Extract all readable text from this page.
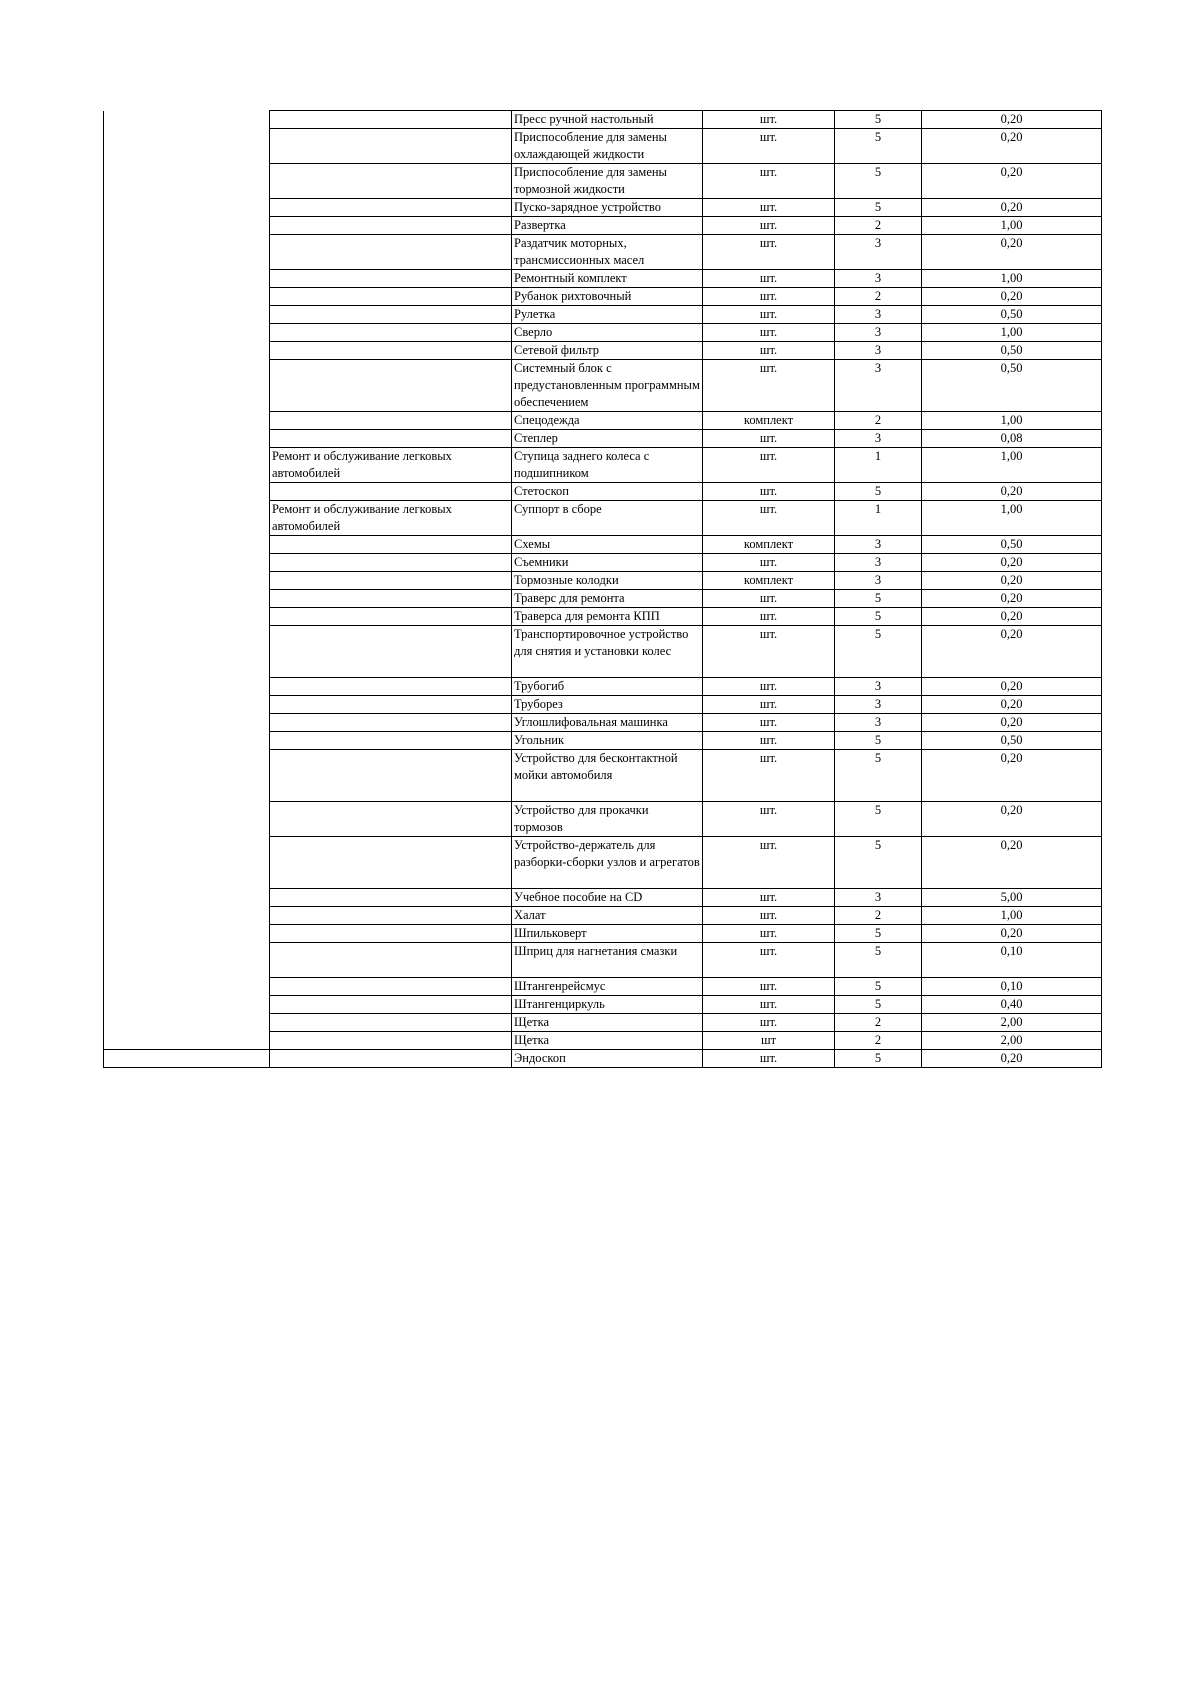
		Пресс ручной настольный	шт.	5	0,20
		Приспособление для замены охлаждающей жидкости	шт.	5	0,20
		Приспособление для замены тормозной жидкости	шт.	5	0,20
		Пуско-зарядное устройство	шт.	5	0,20
		Развертка	шт.	2	1,00
		Раздатчик моторных, трансмиссионных масел	шт.	3	0,20
		Ремонтный комплект	шт.	3	1,00
		Рубанок рихтовочный	шт.	2	0,20
		Рулетка	шт.	3	0,50
		Сверло	шт.	3	1,00
		Сетевой фильтр	шт.	3	0,50
		Системный блок с предустановленным программным обеспечением	шт.	3	0,50
		Спецодежда	комплект	2	1,00
		Степлер	шт.	3	0,08
	Ремонт и обслуживание легковых автомобилей	Ступица заднего колеса с подшипником	шт.	1	1,00
		Стетоскоп	шт.	5	0,20
	Ремонт и обслуживание легковых автомобилей	Суппорт в сборе	шт.	1	1,00
		Схемы	комплект	3	0,50
		Съемники	шт.	3	0,20
		Тормозные колодки	комплект	3	0,20
		Траверс для ремонта	шт.	5	0,20
		Траверса для ремонта КПП	шт.	5	0,20
		Транспортировочное устройство для снятия и установки колес	шт.	5	0,20
		Трубогиб	шт.	3	0,20
		Труборез	шт.	3	0,20
		Углошлифовальная машинка	шт.	3	0,20
		Угольник	шт.	5	0,50
		Устройство для бесконтактной мойки автомобиля	шт.	5	0,20
		Устройство для прокачки тормозов	шт.	5	0,20
		Устройство-держатель для разборки-сборки узлов и агрегатов	шт.	5	0,20
		Учебное пособие на CD	шт.	3	5,00
		Халат	шт.	2	1,00
		Шпильковерт	шт.	5	0,20
		Шприц для нагнетания смазки	шт.	5	0,10
		Штангенрейсмус	шт.	5	0,10
		Штангенциркуль	шт.	5	0,40
		Щетка	шт.	2	2,00
		Щетка	шт	2	2,00
		Эндоскоп	шт.	5	0,20
